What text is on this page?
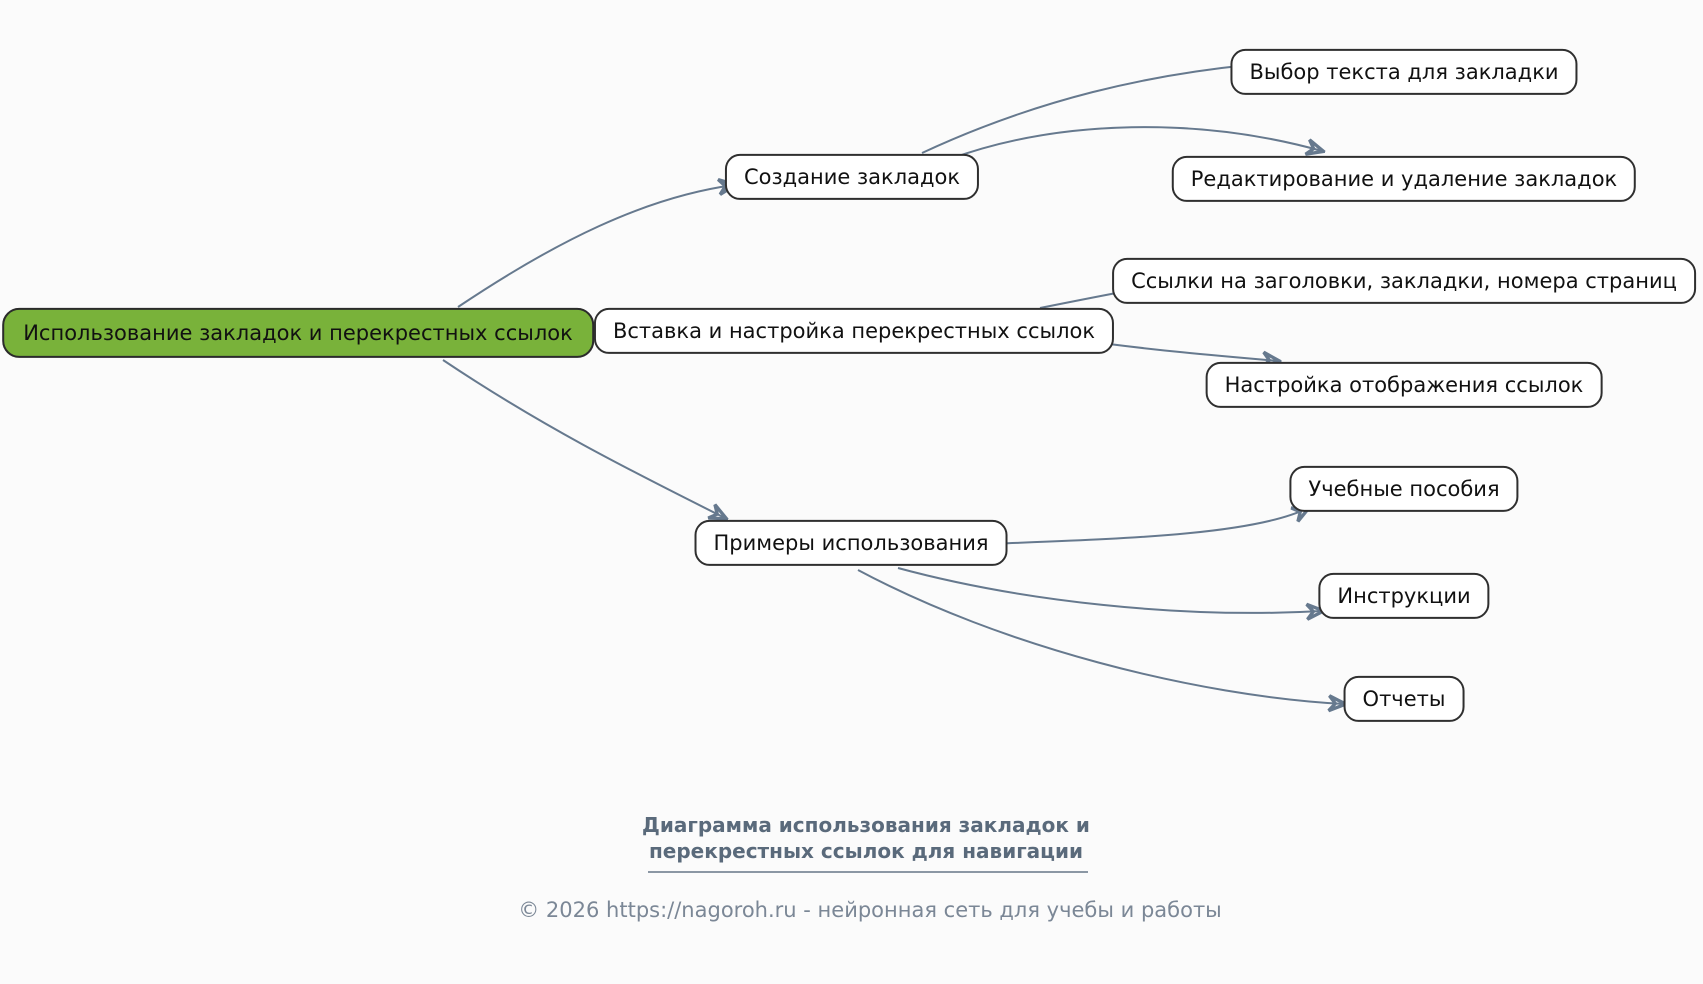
Использование закладок и перекрестных ссылок
Создание закладок
Вставка и настройка перекрестных ссылок
Примеры использования
Выбор текста для закладки
Редактирование и удаление закладок
Ссылки на заголовки, закладки, номера страниц
Настройка отображения ссылок
Учебные пособия
Инструкции
Отчеты
Диаграмма использования закладок и
перекрестных ссылок для навигации
© 2026 https://nagoroh.ru - нейронная сеть для учебы и работы
